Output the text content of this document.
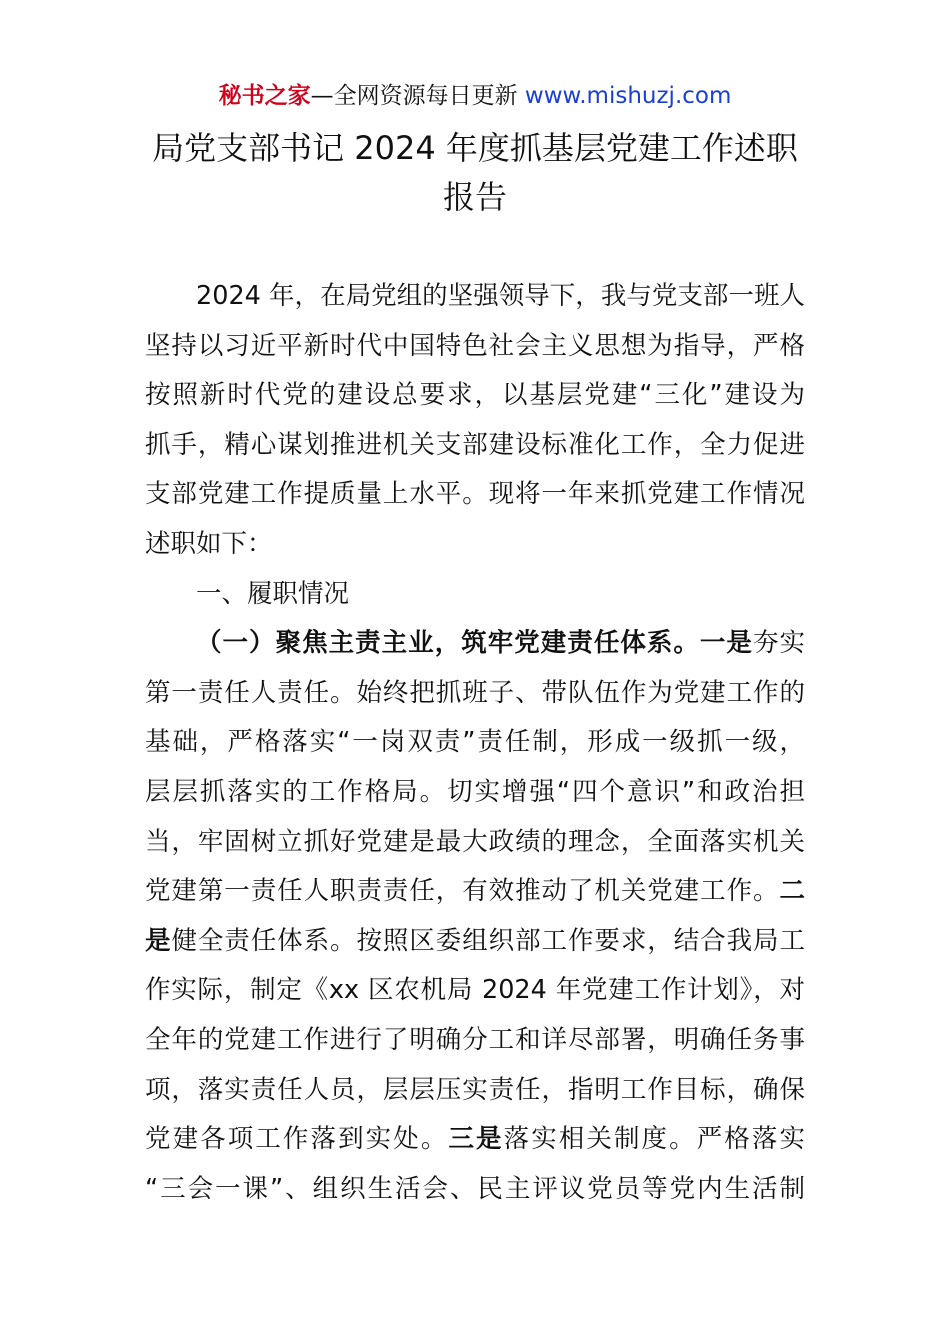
秘书之家—全网资源每日更新 www.mishuzj.com
局党支部书记 2024 年度抓基层党建工作述职
报告
2024 年，在局党组的坚强领导下，我与党支部一班人
坚持以习近平新时代中国特色社会主义思想为指导，严格
按照新时代党的建设总要求，以基层党建“三化”建设为
抓手，精心谋划推进机关支部建设标准化工作，全力促进
支部党建工作提质量上水平。现将一年来抓党建工作情况
述职如下：
一、履职情况
（一）聚焦主责主业，筑牢党建责任体系。一是夯实
第一责任人责任。始终把抓班子、带队伍作为党建工作的
基础，严格落实“一岗双责”责任制，形成一级抓一级，
层层抓落实的工作格局。切实增强“四个意识”和政治担
当，牢固树立抓好党建是最大政绩的理念，全面落实机关
党建第一责任人职责责任，有效推动了机关党建工作。二
是健全责任体系。按照区委组织部工作要求，结合我局工
作实际，制定《xx 区农机局 2024 年党建工作计划》，对
全年的党建工作进行了明确分工和详尽部署，明确任务事
项，落实责任人员，层层压实责任，指明工作目标，确保
党建各项工作落到实处。三是落实相关制度。严格落实
“三会一课”、组织生活会、民主评议党员等党内生活制
